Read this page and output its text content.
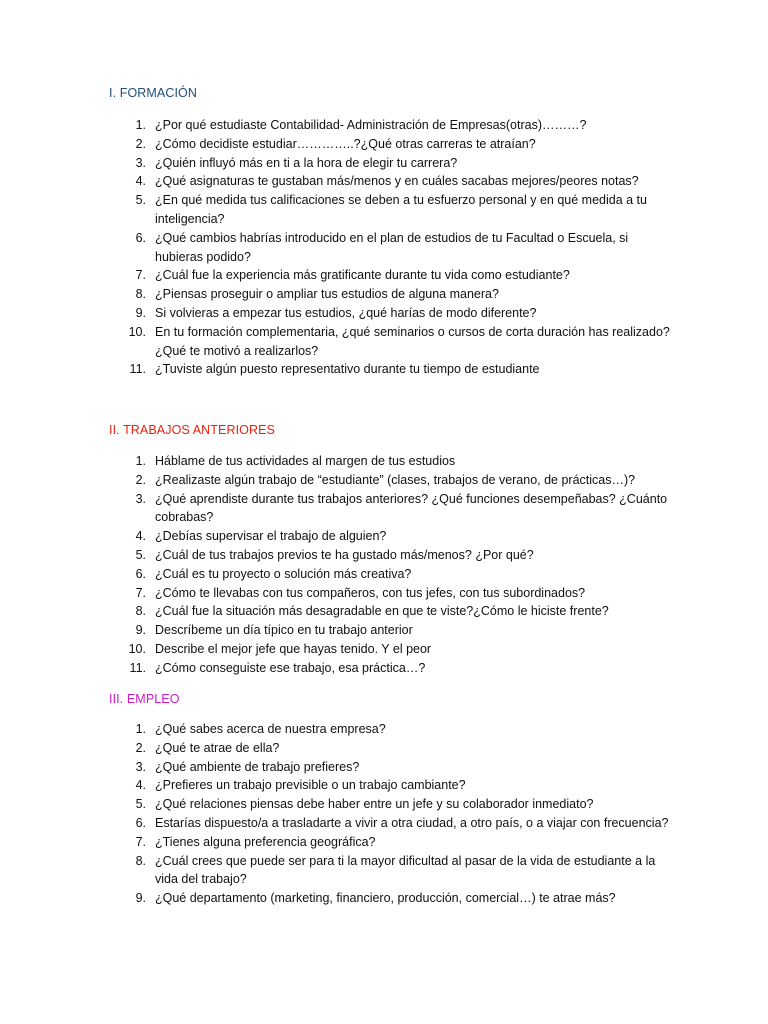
I. FORMACIÓN
1. ¿Por qué estudiaste Contabilidad- Administración de Empresas(otras)………?
2. ¿Cómo decidiste estudiar…………..?¿Qué otras carreras te atraían?
3. ¿Quién influyó más en ti a la hora de elegir tu carrera?
4. ¿Qué asignaturas te gustaban más/menos y en cuáles sacabas mejores/peores notas?
5. ¿En qué medida tus calificaciones se deben a tu esfuerzo personal y en qué medida a tu inteligencia?
6. ¿Qué cambios habrías introducido en el plan de estudios de tu Facultad o Escuela, si hubieras podido?
7. ¿Cuál fue la experiencia más gratificante durante tu vida como estudiante?
8. ¿Piensas proseguir o ampliar tus estudios de alguna manera?
9. Si volvieras a empezar tus estudios, ¿qué harías de modo diferente?
10. En tu formación complementaria, ¿qué seminarios o cursos de corta duración has realizado?¿Qué te motivó a realizarlos?
11. ¿Tuviste algún puesto representativo durante tu tiempo de estudiante
II. TRABAJOS ANTERIORES
1. Háblame de tus actividades al margen de tus estudios
2. ¿Realizaste algún trabajo de “estudiante” (clases, trabajos de verano, de prácticas…)?
3. ¿Qué aprendiste durante tus trabajos anteriores? ¿Qué funciones desempeñabas? ¿Cuánto cobrabas?
4. ¿Debías supervisar el trabajo de alguien?
5. ¿Cuál de tus trabajos previos te ha gustado más/menos? ¿Por qué?
6. ¿Cuál es tu proyecto o solución más creativa?
7. ¿Cómo te llevabas con tus compañeros, con tus jefes, con tus subordinados?
8. ¿Cuál fue la situación más desagradable en que te viste?¿Cómo le hiciste frente?
9. Descríbeme un día típico en tu trabajo anterior
10. Describe el mejor jefe que hayas tenido. Y el peor
11. ¿Cómo conseguiste ese trabajo, esa práctica…?
III. EMPLEO
1. ¿Qué sabes acerca de nuestra empresa?
2. ¿Qué te atrae de ella?
3. ¿Qué ambiente de trabajo prefieres?
4. ¿Prefieres un trabajo previsible o un trabajo cambiante?
5. ¿Qué relaciones piensas debe haber entre un jefe y su colaborador inmediato?
6. Estarías dispuesto/a a trasladarte a vivir a otra ciudad, a otro país, o a viajar con frecuencia?
7. ¿Tienes alguna preferencia geográfica?
8. ¿Cuál crees que puede ser para ti la mayor dificultad al pasar de la vida de estudiante a la vida del trabajo?
9. ¿Qué departamento (marketing, financiero, producción, comercial…) te atrae más?
